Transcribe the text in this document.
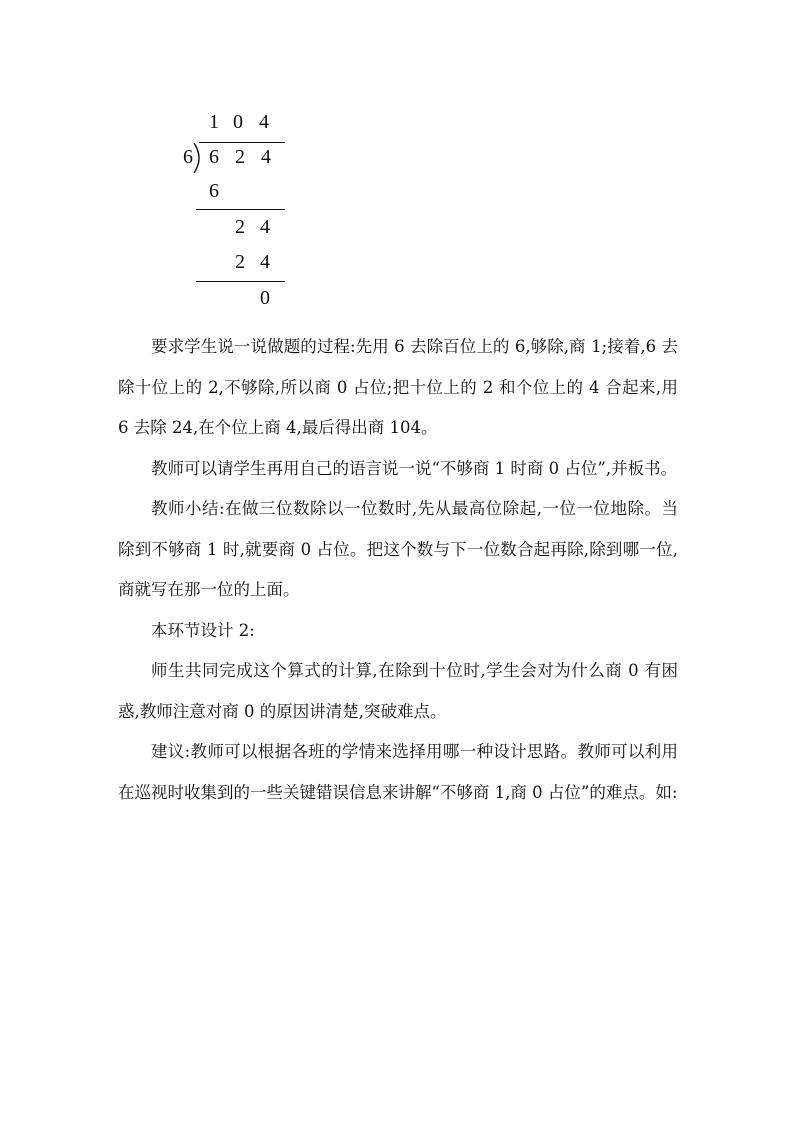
1 0 4
6 6 2 4
6
2 4
2 4
0

要求学生说一说做题的过程:先用 6 去除百位上的 6,够除,商 1;接着,6 去除十位上的 2,不够除,所以商 0 占位;把十位上的 2 和个位上的 4 合起来,用 6 去除 24,在个位上商 4,最后得出商 104。

教师可以请学生再用自己的语言说一说“不够商 1 时商 0 占位”,并板书。

教师小结:在做三位数除以一位数时,先从最高位除起,一位一位地除。当除到不够商 1 时,就要商 0 占位。把这个数与下一位数合起再除,除到哪一位,商就写在那一位的上面。

本环节设计 2:

师生共同完成这个算式的计算,在除到十位时,学生会对为什么商 0 有困惑,教师注意对商 0 的原因讲清楚,突破难点。

建议:教师可以根据各班的学情来选择用哪一种设计思路。教师可以利用在巡视时收集到的一些关键错误信息来讲解“不够商 1,商 0 占位”的难点。如:
